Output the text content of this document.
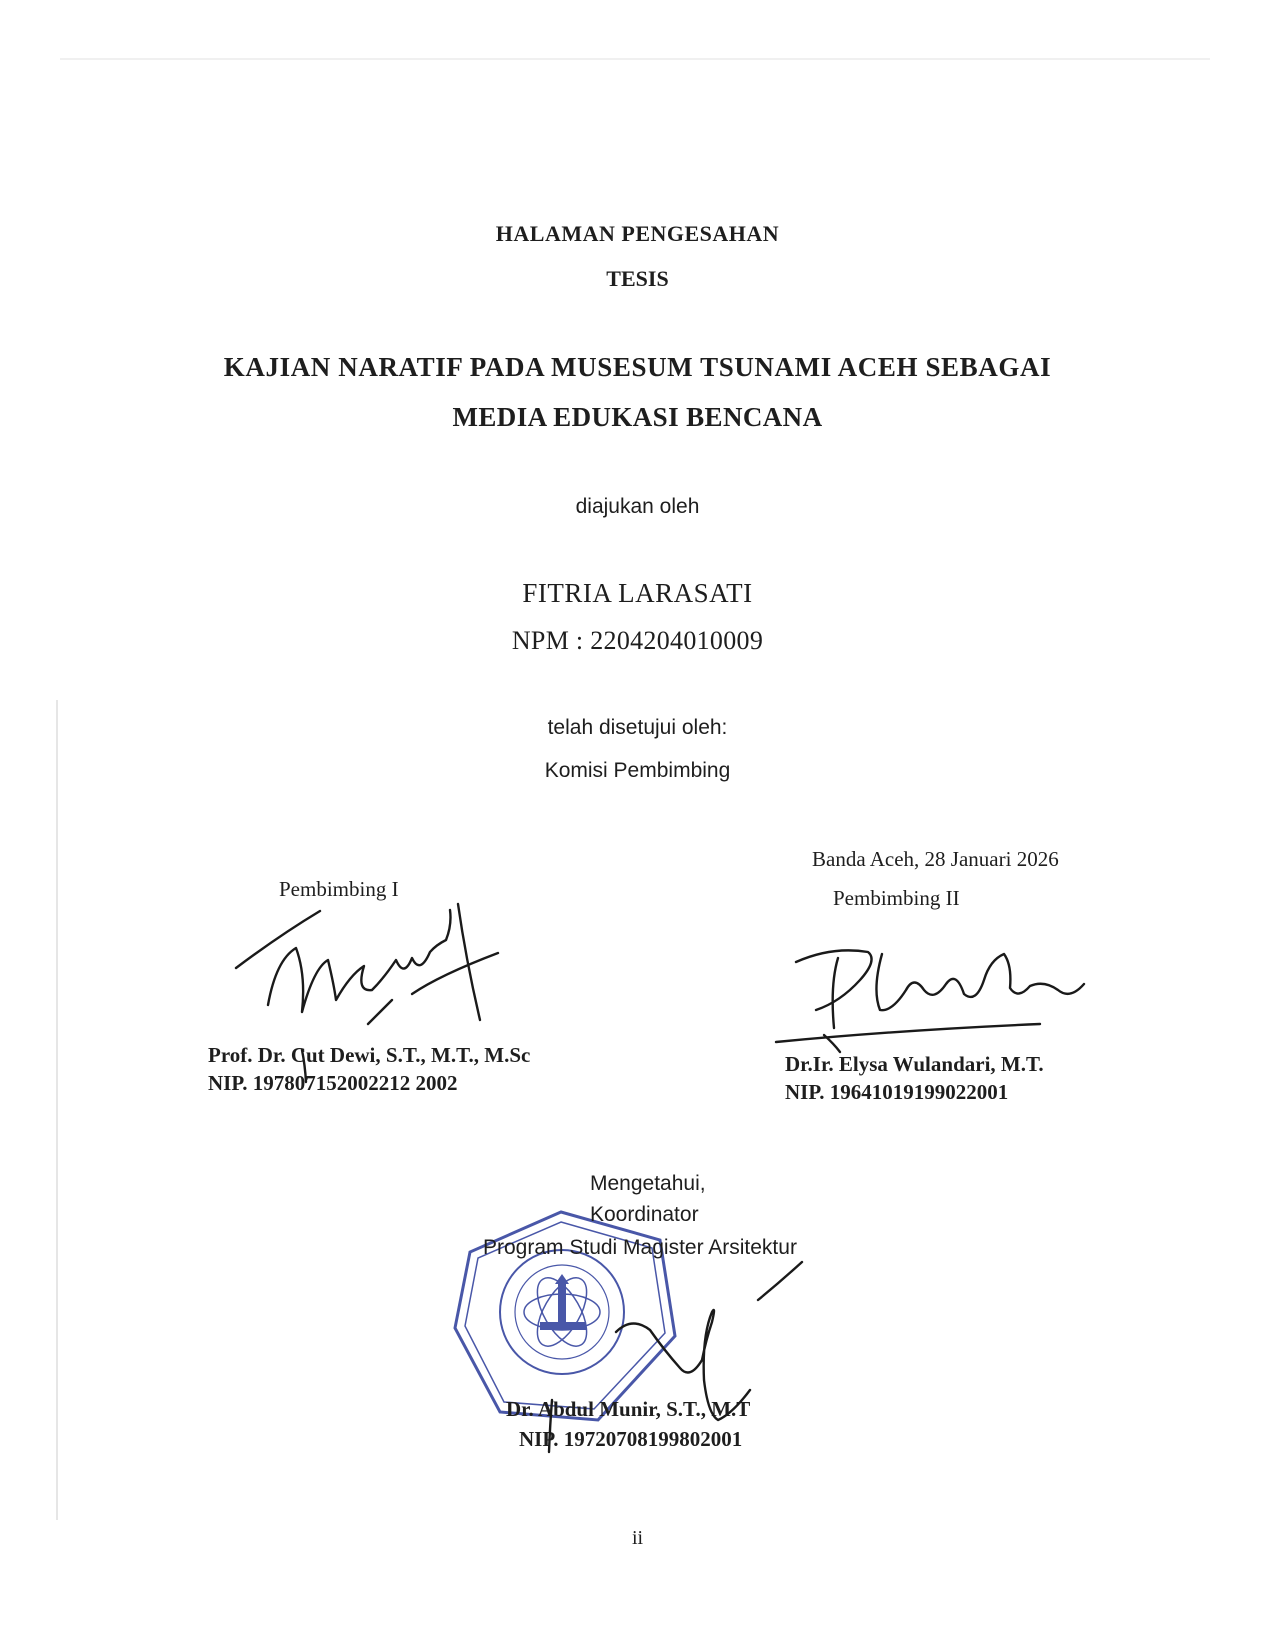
HALAMAN PENGESAHAN
TESIS
KAJIAN NARATIF PADA MUSESUM TSUNAMI ACEH SEBAGAI
MEDIA EDUKASI BENCANA
diajukan oleh
FITRIA LARASATI
NPM : 2204204010009
telah disetujui oleh:
Komisi Pembimbing
Banda Aceh, 28 Januari 2026
Pembimbing I	Pembimbing II
Mengetahui,
Koordinator
Program Studi Magister Arsitektur
Prof. Dr. Cut Dewi, S.T., M.T., M.Sc
NIP. 197807152002212 2002
Dr.Ir. Elysa Wulandari, M.T.
NIP. 19641019199022001
Dr. Abdul Munir, S.T., M.T
NIP. 19720708199802001
ii
